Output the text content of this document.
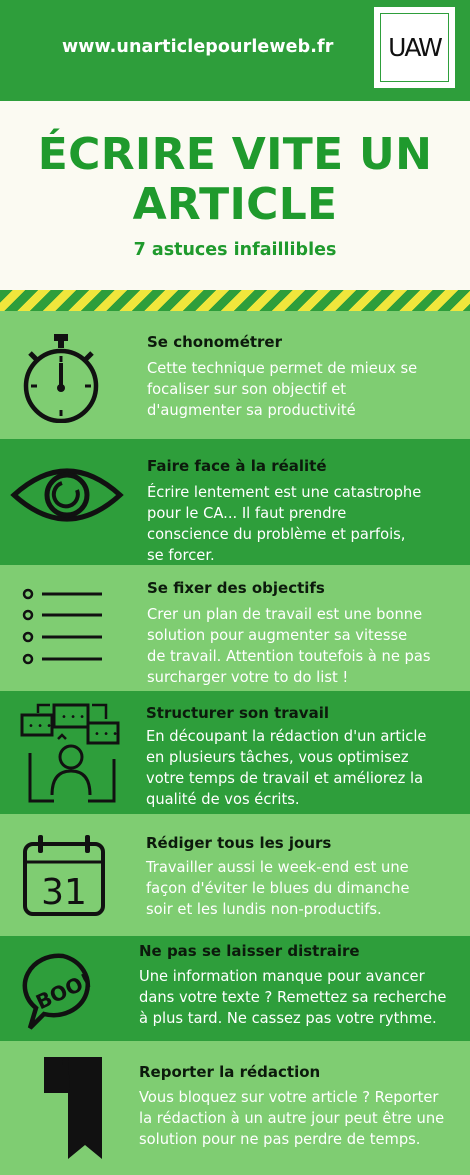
www.unarticlepourleweb.fr	UAW
ÉCRIRE VITE UN
ARTICLE
7 astuces infaillibles
Se chonométrer
Cette technique permet de mieux se
focaliser sur son objectif et
d'augmenter sa productivité
Faire face à la réalité
Écrire lentement est une catastrophe
pour le CA... Il faut prendre
conscience du problème et parfois,
se forcer.
Se fixer des objectifs
Crer un plan de travail est une bonne
solution pour augmenter sa vitesse
de travail. Attention toutefois à ne pas
surcharger votre to do list !
• • •
• • •
• • •
Structurer son travail
En découpant la rédaction d'un article
en plusieurs tâches, vous optimisez
votre temps de travail et améliorez la
qualité de vos écrits.
31
Rédiger tous les jours
Travailler aussi le week-end est une
façon d'éviter le blues du dimanche
soir et les lundis non-productifs.
BOO!
Ne pas se laisser distraire
Une information manque pour avancer
dans votre texte ? Remettez sa recherche
à plus tard. Ne cassez pas votre rythme.
Reporter la rédaction
Vous bloquez sur votre article ? Reporter
la rédaction à un autre jour peut être une
solution pour ne pas perdre de temps.
